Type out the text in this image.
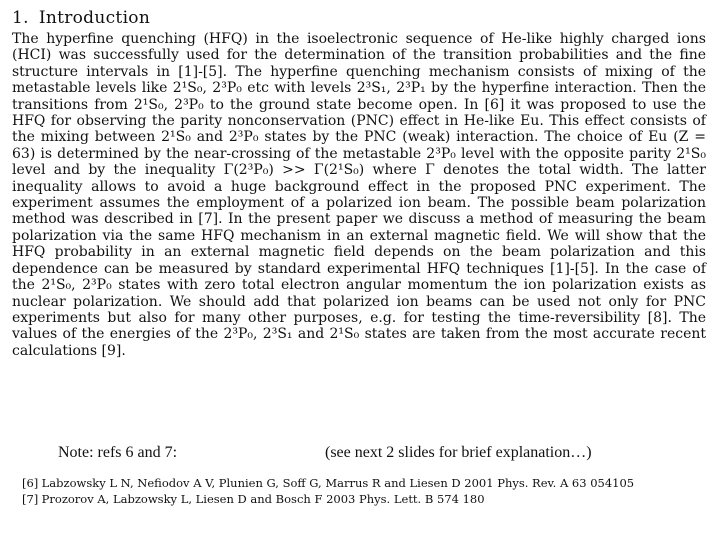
1. Introduction

The hyperfine quenching (HFQ) in the isoelectronic sequence of He-like highly charged ions (HCI) was successfully used for the determination of the transition probabilities and the fine structure intervals in [1]-[5]. The hyperfine quenching mechanism consists of mixing of the metastable levels like 2¹S₀, 2³P₀ etc with levels 2³S₁, 2³P₁ by the hyperfine interaction. Then the transitions from 2¹S₀, 2³P₀ to the ground state become open. In [6] it was proposed to use the HFQ for observing the parity nonconservation (PNC) effect in He-like Eu. This effect consists of the mixing between 2¹S₀ and 2³P₀ states by the PNC (weak) interaction. The choice of Eu (Z = 63) is determined by the near-crossing of the metastable 2³P₀ level with the opposite parity 2¹S₀ level and by the inequality Γ(2³P₀) >> Γ(2¹S₀) where Γ denotes the total width. The latter inequality allows to avoid a huge background effect in the proposed PNC experiment. The experiment assumes the employment of a polarized ion beam. The possible beam polarization method was described in [7]. In the present paper we discuss a method of measuring the beam polarization via the same HFQ mechanism in an external magnetic field. We will show that the HFQ probability in an external magnetic field depends on the beam polarization and this dependence can be measured by standard experimental HFQ techniques [1]-[5]. In the case of the 2¹S₀, 2³P₀ states with zero total electron angular momentum the ion polarization exists as nuclear polarization. We should add that polarized ion beams can be used not only for PNC experiments but also for many other purposes, e.g. for testing the time-reversibility [8]. The values of the energies of the 2³P₀, 2³S₁ and 2¹S₀ states are taken from the most accurate recent calculations [9].

Note: refs 6 and 7:	(see next 2 slides for brief explanation…)
[6] Labzowsky L N, Nefiodov A V, Plunien G, Soff G, Marrus R and Liesen D 2001 Phys. Rev. A 63 054105
[7] Prozorov A, Labzowsky L, Liesen D and Bosch F 2003 Phys. Lett. B 574 180
